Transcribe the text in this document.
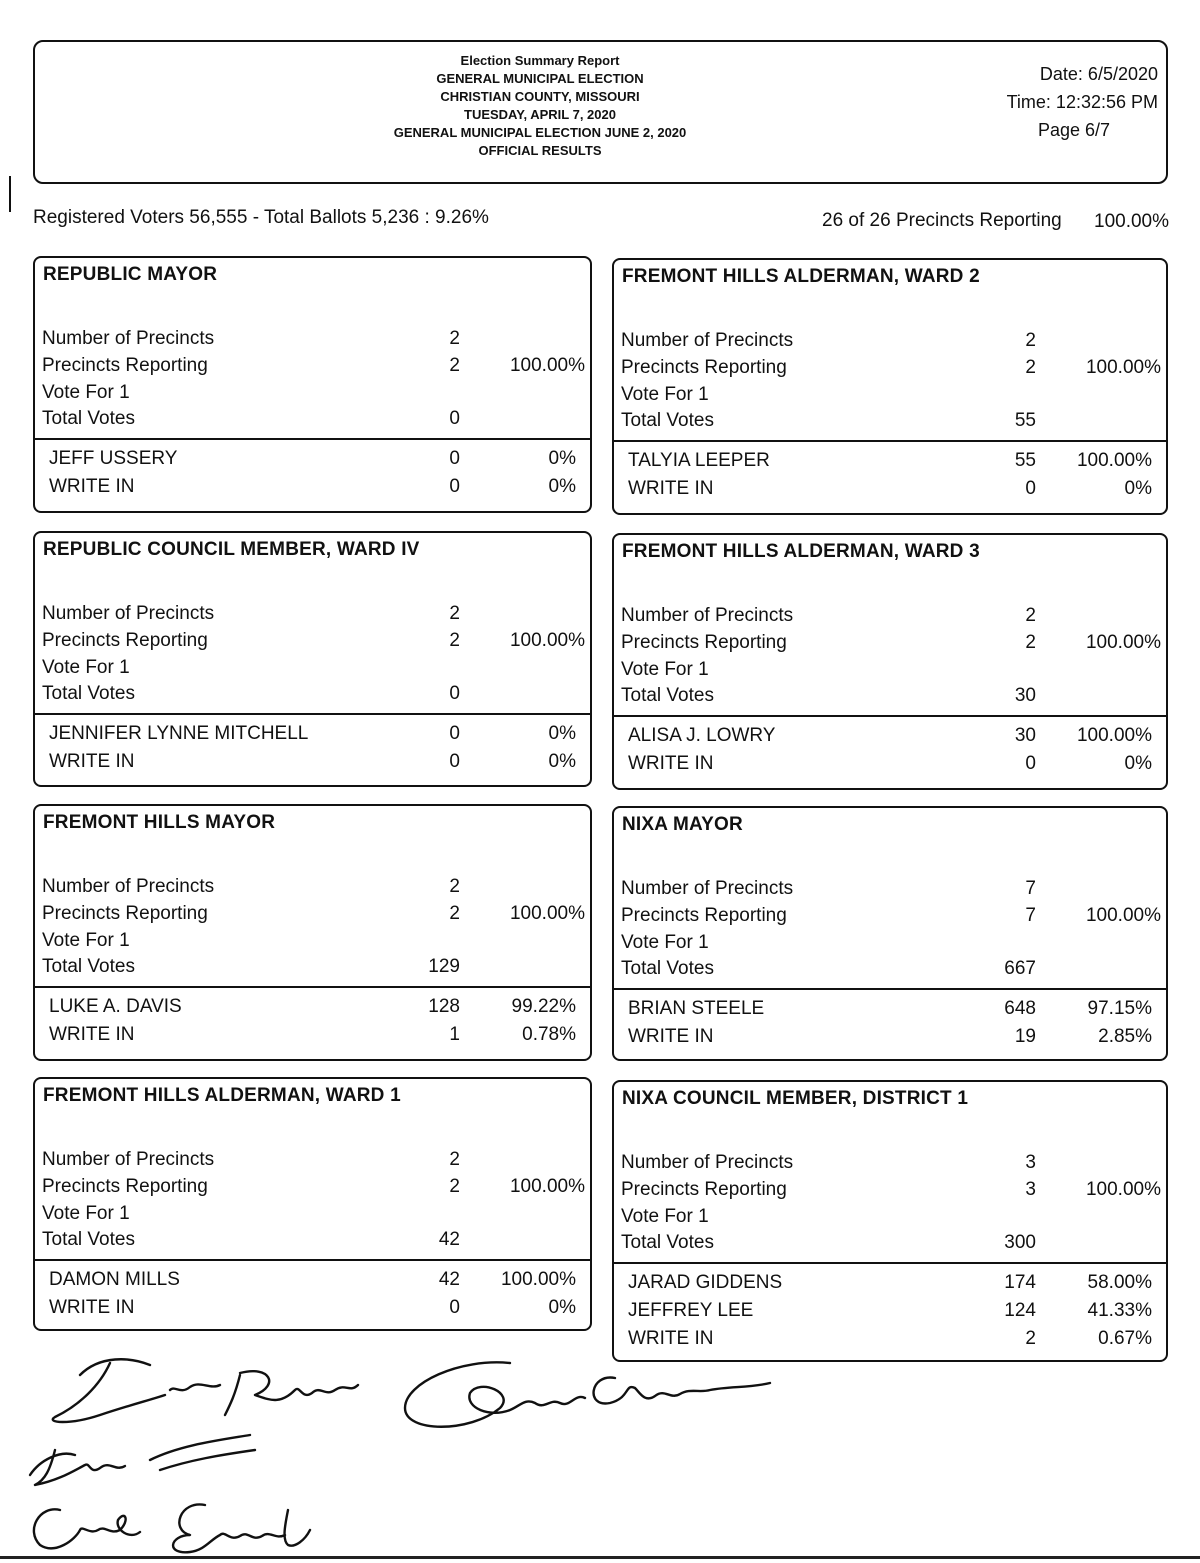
Election Summary Report
GENERAL MUNICIPAL ELECTION
CHRISTIAN COUNTY, MISSOURI
TUESDAY, APRIL 7, 2020
GENERAL MUNICIPAL ELECTION JUNE 2, 2020
OFFICIAL RESULTS
Date: 6/5/2020
Time: 12:32:56 PM
Page 6/7
Registered Voters 56,555 - Total Ballots 5,236 : 9.26%	26 of 26 Precincts Reporting 100.00%
REPUBLIC MAYOR
Number of Precincts	2
Precincts Reporting	2	100.00%
Vote For 1
Total Votes	0
JEFF USSERY	0	0%
WRITE IN	0	0%
FREMONT HILLS ALDERMAN, WARD 2
Number of Precincts	2
Precincts Reporting	2	100.00%
Vote For 1
Total Votes	55
TALYIA LEEPER	55 100.00%
WRITE IN	0	0%
REPUBLIC COUNCIL MEMBER, WARD IV
Number of Precincts	2
Precincts Reporting	2	100.00%
Vote For 1
Total Votes	0
JENNIFER LYNNE MITCHELL	0	0%
WRITE IN	0	0%
FREMONT HILLS ALDERMAN, WARD 3
Number of Precincts	2
Precincts Reporting	2	100.00%
Vote For 1
Total Votes	30
ALISA J. LOWRY	30 100.00%
WRITE IN	0	0%
FREMONT HILLS MAYOR
Number of Precincts	2
Precincts Reporting	2	100.00%
Vote For 1
Total Votes	129
LUKE A. DAVIS	128	99.22%
WRITE IN	1	0.78%
NIXA MAYOR
Number of Precincts	7
Precincts Reporting	7	100.00%
Vote For 1
Total Votes	667
BRIAN STEELE	648	97.15%
WRITE IN	19	2.85%
FREMONT HILLS ALDERMAN, WARD 1
Number of Precincts	2
Precincts Reporting	2	100.00%
Vote For 1
Total Votes	42
DAMON MILLS	42 100.00%
WRITE IN	0	0%
NIXA COUNCIL MEMBER, DISTRICT 1
Number of Precincts	3
Precincts Reporting	3	100.00%
Vote For 1
Total Votes	300
JARAD GIDDENS	174	58.00%
JEFFREY LEE	124	41.33%
WRITE IN	2	0.67%
